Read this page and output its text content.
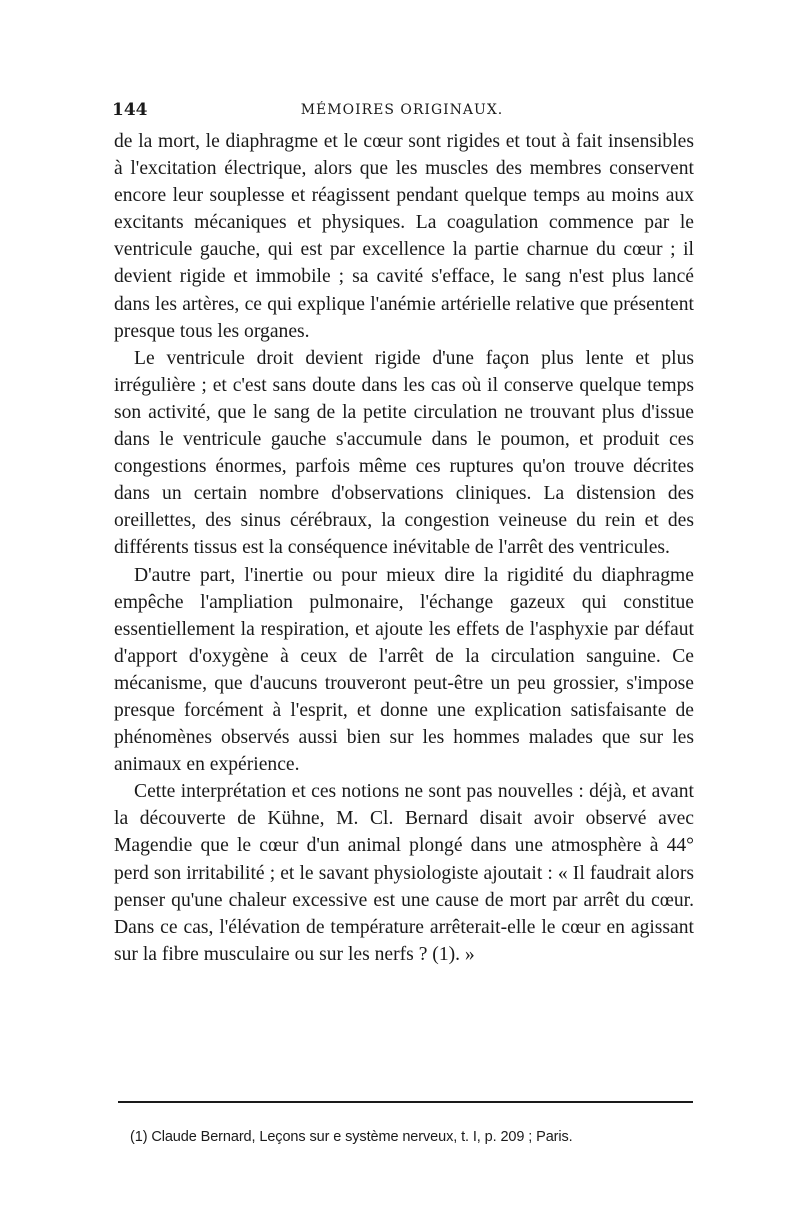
144	MÉMOIRES ORIGINAUX.

de la mort, le diaphragme et le cœur sont rigides et tout à fait insensibles à l'excitation électrique, alors que les muscles des membres conservent encore leur souplesse et réagissent pendant quelque temps au moins aux excitants mécaniques et physiques. La coagulation commence par le ventricule gauche, qui est par excellence la partie charnue du cœur ; il devient rigide et immobile ; sa cavité s'efface, le sang n'est plus lancé dans les artères, ce qui explique l'anémie artérielle relative que présentent presque tous les organes.

Le ventricule droit devient rigide d'une façon plus lente et plus irrégulière ; et c'est sans doute dans les cas où il conserve quelque temps son activité, que le sang de la petite circulation ne trouvant plus d'issue dans le ventricule gauche s'accumule dans le poumon, et produit ces congestions énormes, parfois même ces ruptures qu'on trouve décrites dans un certain nombre d'observations cliniques. La distension des oreillettes, des sinus cérébraux, la congestion veineuse du rein et des différents tissus est la conséquence inévitable de l'arrêt des ventricules.

D'autre part, l'inertie ou pour mieux dire la rigidité du diaphragme empêche l'ampliation pulmonaire, l'échange gazeux qui constitue essentiellement la respiration, et ajoute les effets de l'asphyxie par défaut d'apport d'oxygène à ceux de l'arrêt de la circulation sanguine. Ce mécanisme, que d'aucuns trouveront peut-être un peu grossier, s'impose presque forcément à l'esprit, et donne une explication satisfaisante de phénomènes observés aussi bien sur les hommes malades que sur les animaux en expérience.

Cette interprétation et ces notions ne sont pas nouvelles : déjà, et avant la découverte de Kühne, M. Cl. Bernard disait avoir observé avec Magendie que le cœur d'un animal plongé dans une atmosphère à 44° perd son irritabilité ; et le savant physiologiste ajoutait : « Il faudrait alors penser qu'une chaleur excessive est une cause de mort par arrêt du cœur. Dans ce cas, l'élévation de température arrêterait-elle le cœur en agissant sur la fibre musculaire ou sur les nerfs ? (1). »

(1) Claude Bernard, Leçons sur e système nerveux, t. I, p. 209 ; Paris.
